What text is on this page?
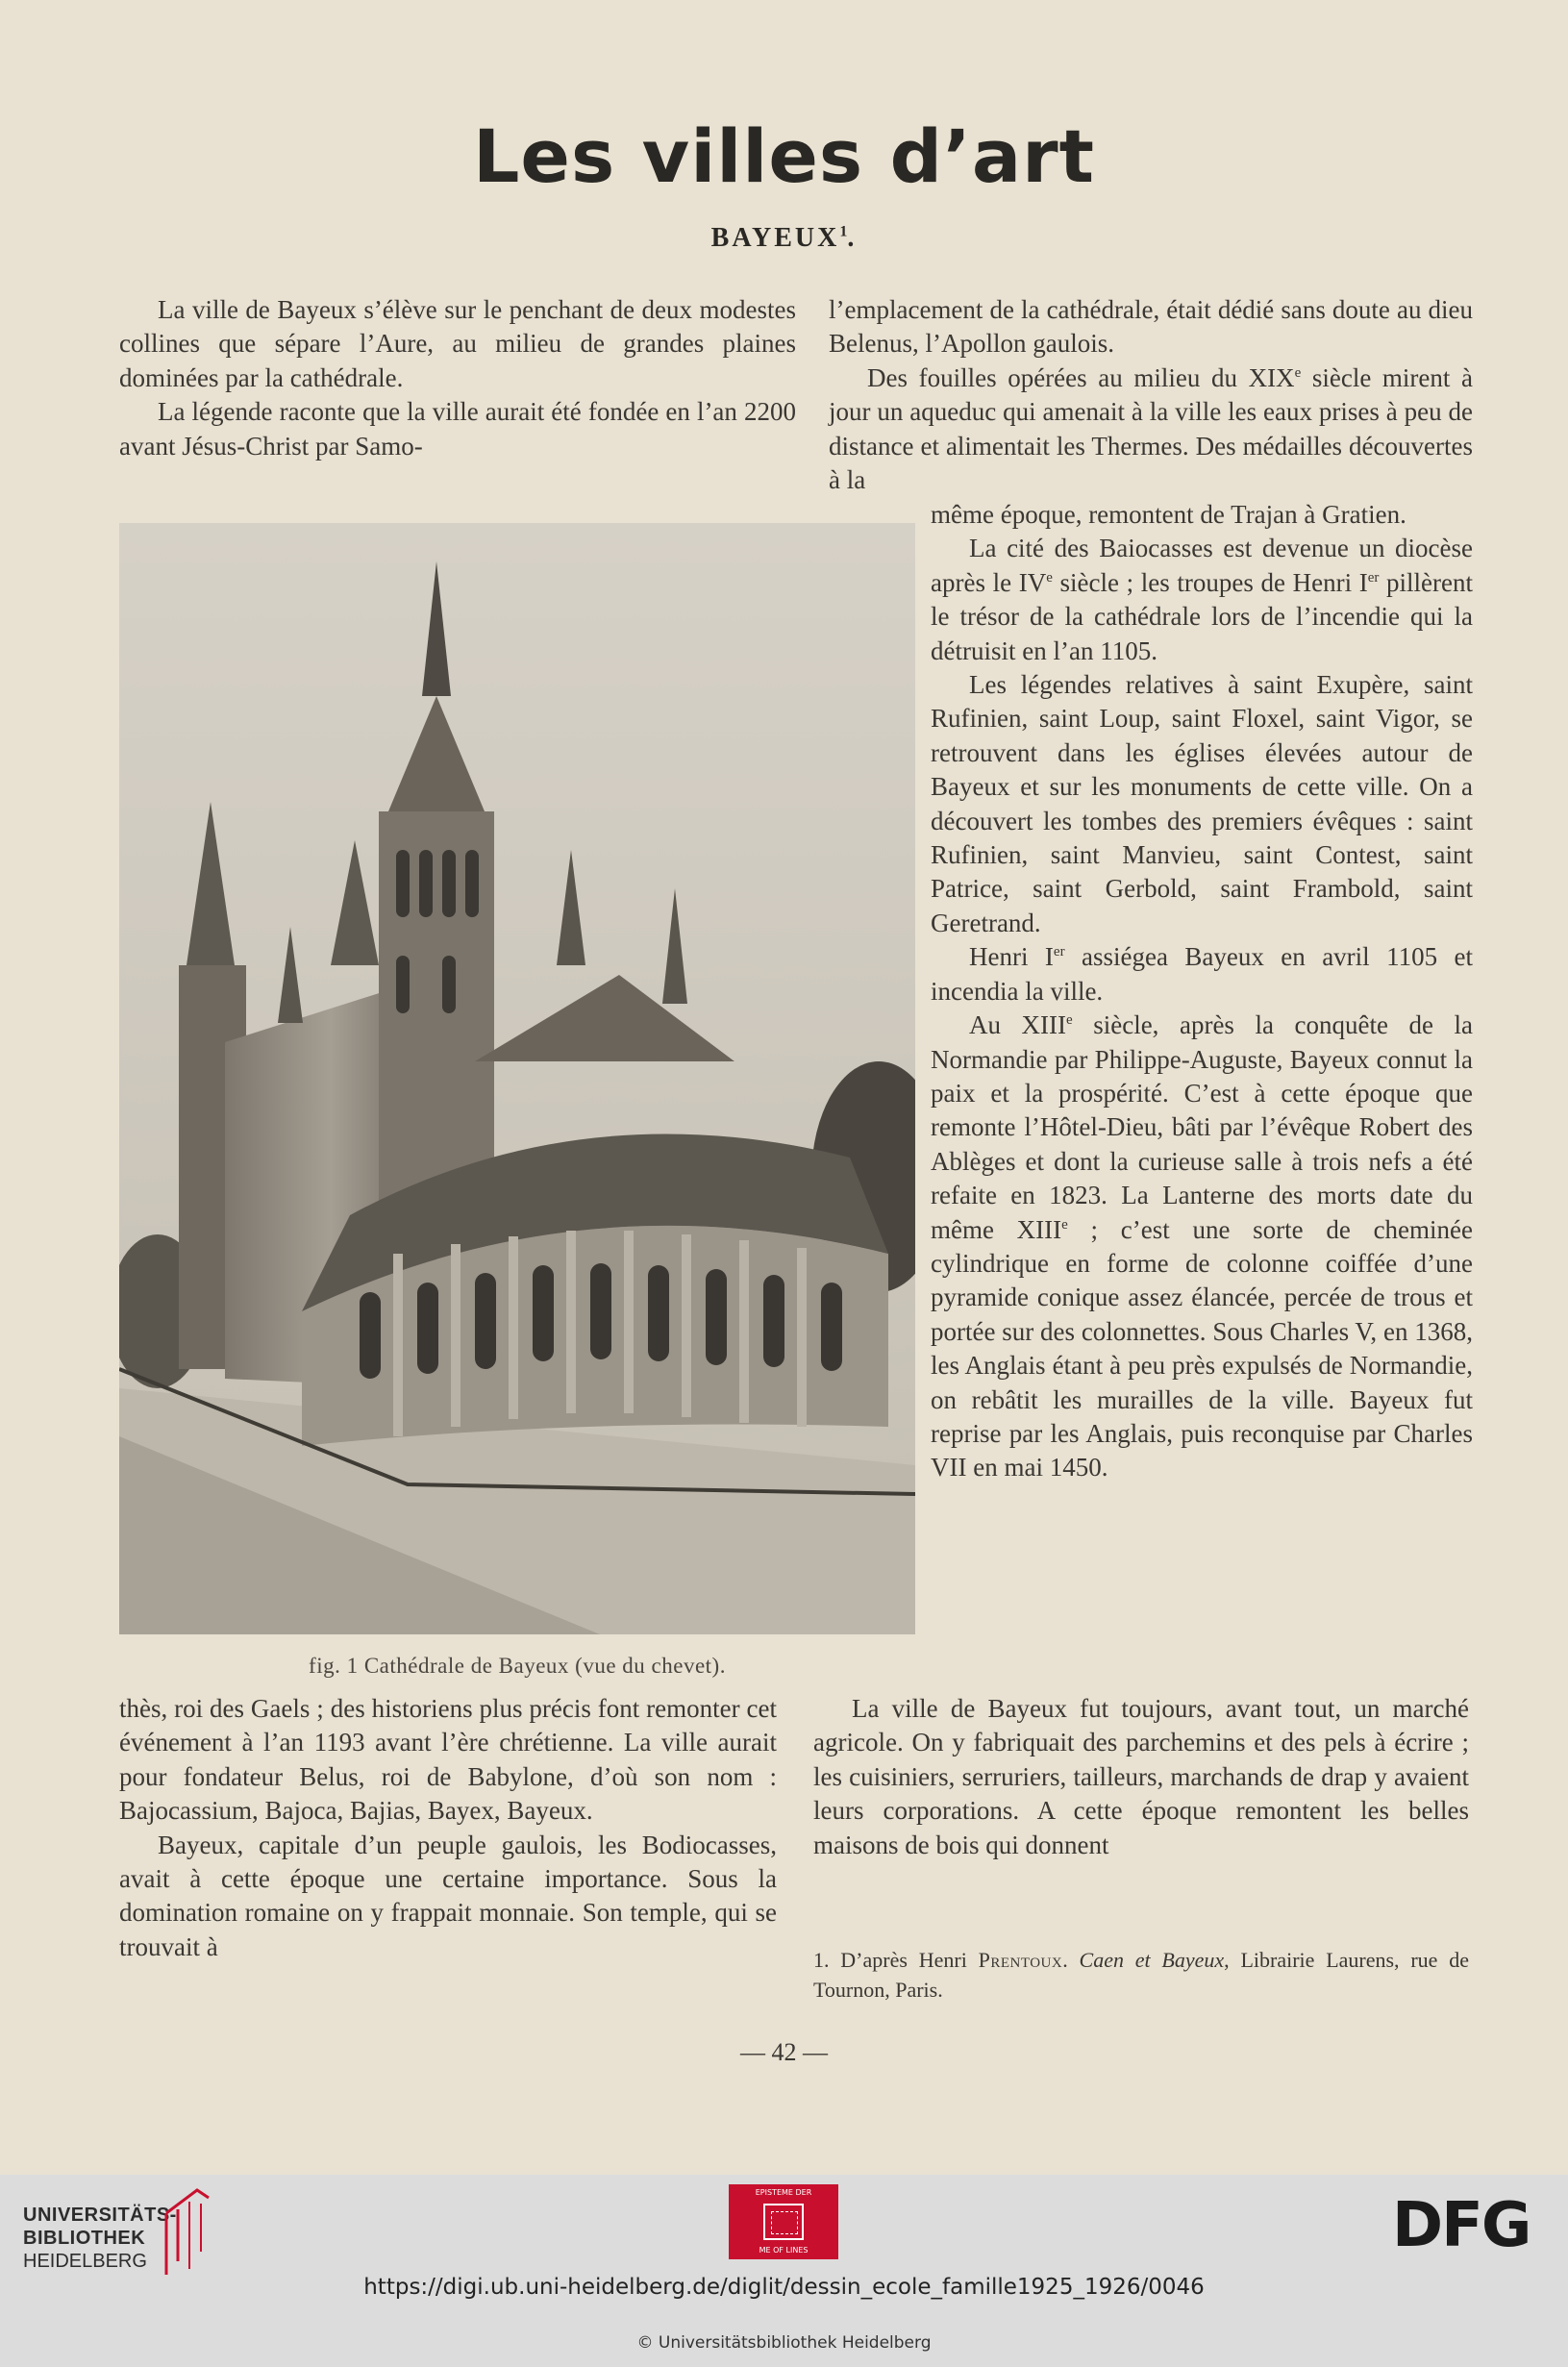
Les villes d’art
BAYEUX$^1$.

La ville de Bayeux s’élève sur le penchant de deux modestes collines que sépare l’Aure, au milieu de grandes plaines dominées par la cathédrale.

La légende raconte que la ville aurait été fondée en l’an 2200 avant Jésus-Christ par Samo-

l’emplacement de la cathédrale, était dédié sans doute au dieu Belenus, l’Apollon gaulois.

Des fouilles opérées au milieu du XIXe siècle mirent à jour un aqueduc qui amenait à la ville les eaux prises à peu de distance et alimentait les Thermes. Des médailles découvertes à la

même époque, remontent de Trajan à Gratien.

La cité des Baiocasses est devenue un diocèse après le IVe siècle ; les troupes de Henri Ier pillèrent le trésor de la cathédrale lors de l’incendie qui la détruisit en l’an 1105.

Les légendes relatives à saint Exupère, saint Rufinien, saint Loup, saint Floxel, saint Vigor, se retrouvent dans les églises élevées autour de Bayeux et sur les monuments de cette ville. On a découvert les tombes des premiers évêques : saint Rufinien, saint Manvieu, saint Contest, saint Patrice, saint Gerbold, saint Frambold, saint Geretrand.

Henri Ier assiégea Bayeux en avril 1105 et incendia la ville.

Au XIIIe siècle, après la conquête de la Normandie par Philippe-Auguste, Bayeux connut la paix et la prospérité. C’est à cette époque que remonte l’Hôtel-Dieu, bâti par l’évêque Robert des Ablèges et dont la curieuse salle à trois nefs a été refaite en 1823. La Lanterne des morts date du même XIIIe ; c’est une sorte de cheminée cylindrique en forme de colonne coiffée d’une pyramide conique assez élancée, percée de trous et portée sur des colonnettes. Sous Charles V, en 1368, les Anglais étant à peu près expulsés de Normandie, on rebâtit les murailles de la ville. Bayeux fut reprise par les Anglais, puis reconquise par Charles VII en mai 1450.

fig. 1 Cathédrale de Bayeux (vue du chevet).

thès, roi des Gaels ; des historiens plus précis font remonter cet événement à l’an 1193 avant l’ère chrétienne. La ville aurait pour fondateur Belus, roi de Babylone, d’où son nom : Bajocassium, Bajoca, Bajias, Bayex, Bayeux.

Bayeux, capitale d’un peuple gaulois, les Bodiocasses, avait à cette époque une certaine importance. Sous la domination romaine on y frappait monnaie. Son temple, qui se trouvait à

La ville de Bayeux fut toujours, avant tout, un marché agricole. On y fabriquait des parchemins et des pels à écrire ; les cuisiniers, serruriers, tailleurs, marchands de drap y avaient leurs corporations. A cette époque remontent les belles maisons de bois qui donnent

1. D’après Henri Prentoux. Caen et Bayeux, Librairie Laurens, rue de Tournon, Paris.
— 42 —
UNIVERSITÄTS-
BIBLIOTHEK
HEIDELBERG
EPISTEME DER
ME OF LINES	DFG
https://digi.ub.uni-heidelberg.de/diglit/dessin_ecole_famille1925_1926/0046
© Universitätsbibliothek Heidelberg
